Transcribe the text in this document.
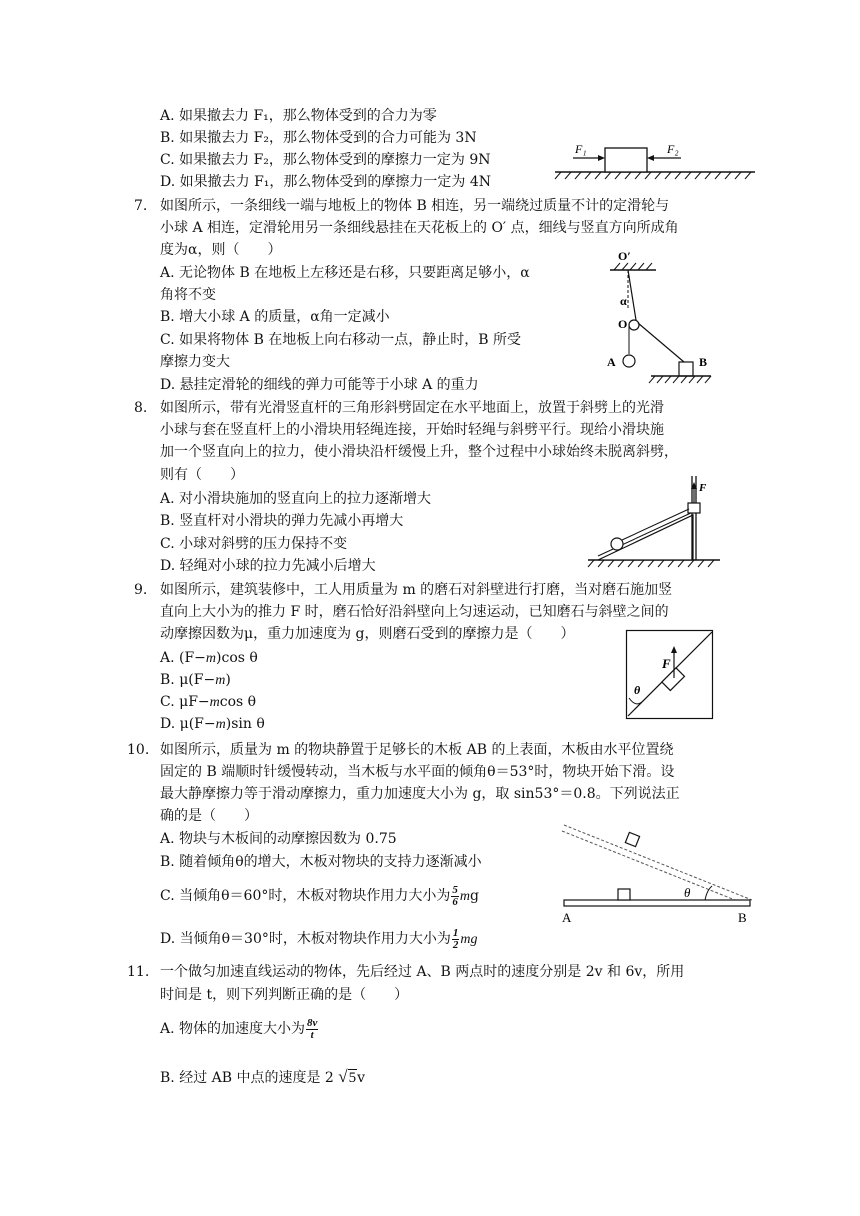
A. 如果撤去力 F₁，那么物体受到的合力为零
B. 如果撤去力 F₂，那么物体受到的合力可能为 3N
C. 如果撤去力 F₂，那么物体受到的摩擦力一定为 9N
D. 如果撤去力 F₁，那么物体受到的摩擦力一定为 4N
F₁	F₂
7. 如图所示，一条细线一端与地板上的物体 B 相连，另一端绕过质量不计的定滑轮与
小球 A 相连，定滑轮用另一条细线悬挂在天花板上的 O′ 点，细线与竖直方向所成角
度为α，则（　　）
A. 无论物体 B 在地板上左移还是右移，只要距离足够小，α
角将不变
B. 增大小球 A 的质量，α角一定减小
C. 如果将物体 B 在地板上向右移动一点，静止时，B 所受
摩擦力变大
D. 悬挂定滑轮的细线的弹力可能等于小球 A 的重力
O′
α
O
A	B
8. 如图所示，带有光滑竖直杆的三角形斜劈固定在水平地面上，放置于斜劈上的光滑
小球与套在竖直杆上的小滑块用轻绳连接，开始时轻绳与斜劈平行。现给小滑块施
加一个竖直向上的拉力，使小滑块沿杆缓慢上升，整个过程中小球始终未脱离斜劈，
则有（　　）
A. 对小滑块施加的竖直向上的拉力逐渐增大
B. 竖直杆对小滑块的弹力先减小再增大
C. 小球对斜劈的压力保持不变
D. 轻绳对小球的拉力先减小后增大
F
9. 如图所示，建筑装修中，工人用质量为 m 的磨石对斜壁进行打磨，当对磨石施加竖
直向上大小为的推力 F 时，磨石恰好沿斜壁向上匀速运动，已知磨石与斜壁之间的
动摩擦因数为μ，重力加速度为 g，则磨石受到的摩擦力是（　　）
A. (F−m)cos θ
B. μ(F−m)
C. μF−mcos θ
D. μ(F−m)sin θ
θ
F
10. 如图所示，质量为 m 的物块静置于足够长的木板 AB 的上表面，木板由水平位置绕
固定的 B 端顺时针缓慢转动，当木板与水平面的倾角θ＝53°时，物块开始下滑。设
最大静摩擦力等于滑动摩擦力，重力加速度大小为 g，取 sin53°＝0.8。下列说法正
确的是（　　）
A. 物块与木板间的动摩擦因数为 0.75
B. 随着倾角θ的增大，木板对物块的支持力逐渐减小
C. 当倾角θ＝60°时，木板对物块作用力大小为 $\frac{5}{6}$ mg
D. 当倾角θ＝30°时，木板对物块作用力大小为 $\frac{1}{2}$ mg
θ
A	B
11. 一个做匀加速直线运动的物体，先后经过 A、B 两点时的速度分别是 2v 和 6v，所用
时间是 t，则下列判断正确的是（　　）
A. 物体的加速度大小为 $\frac{8v}{t}$
B. 经过 AB 中点的速度是 2 √5v
